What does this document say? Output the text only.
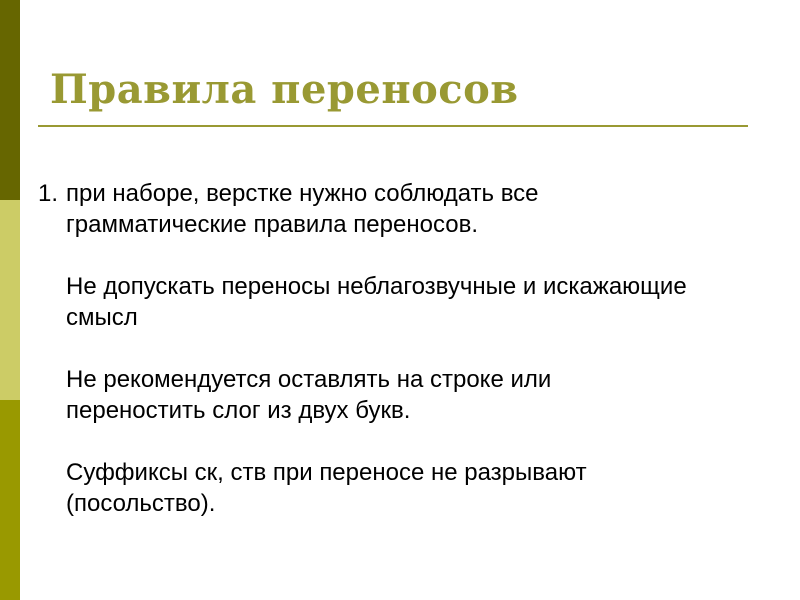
Правила переносов
1. при наборе, верстке нужно соблюдать все
грамматические правила переносов.

Не допускать переносы неблагозвучные и искажающие
смысл

Не рекомендуется оставлять на строке или
переностить слог из двух букв.

Суффиксы ск, ств при переносе не разрывают
(посольство).
